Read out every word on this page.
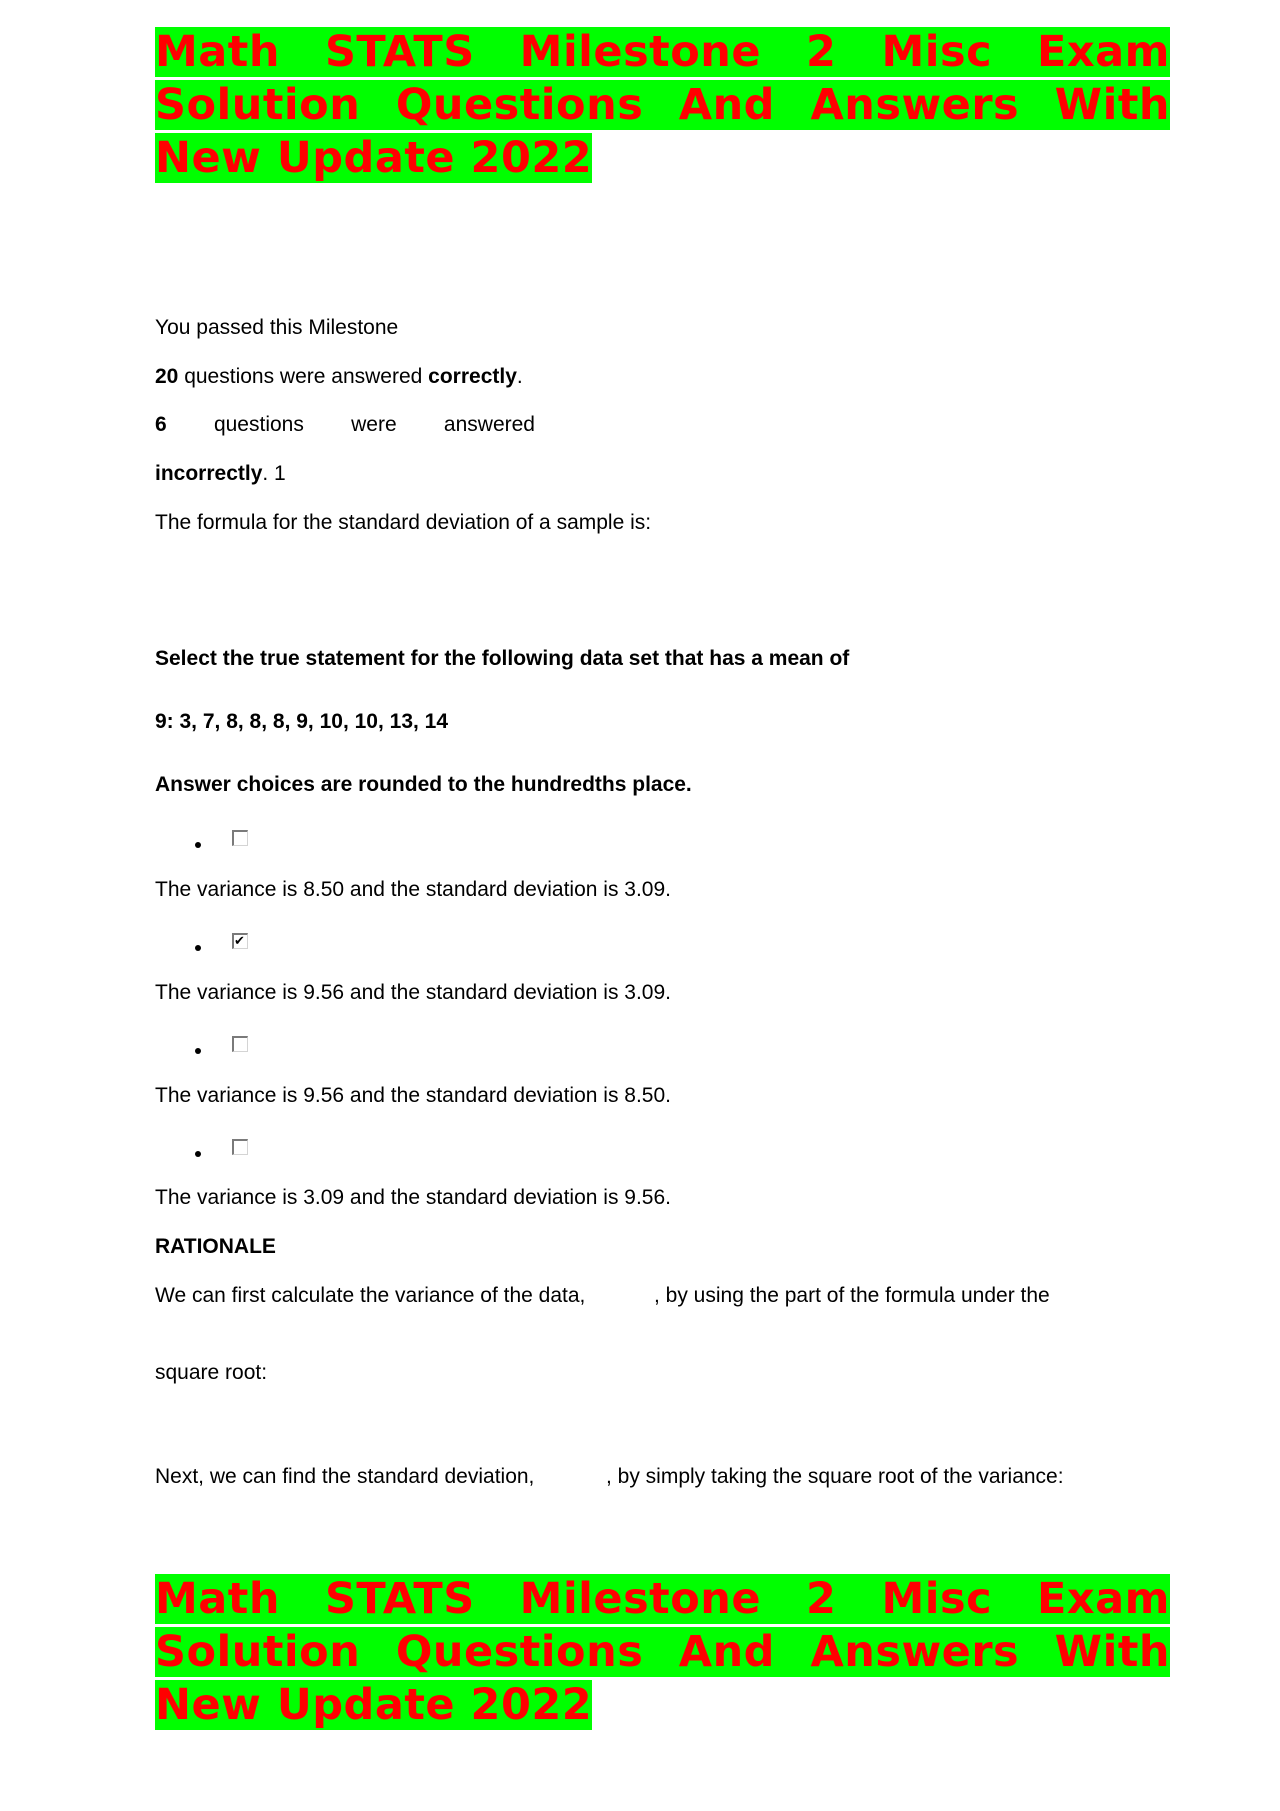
Math STATS Milestone 2 Misc Exam Solution Questions And Answers With New Update 2022
You passed this Milestone
20 questions were answered correctly.
6 questions were answered
incorrectly. 1
The formula for the standard deviation of a sample is:
Select the true statement for the following data set that has a mean of
9: 3, 7, 8, 8, 8, 9, 10, 10, 13, 14
Answer choices are rounded to the hundredths place.
The variance is 8.50 and the standard deviation is 3.09.
✔
The variance is 9.56 and the standard deviation is 3.09.
The variance is 9.56 and the standard deviation is 8.50.
The variance is 3.09 and the standard deviation is 9.56.
RATIONALE
We can first calculate the variance of the data,	, by using the part of the formula under the
square root:
Next, we can find the standard deviation,	, by simply taking the square root of the variance:
Math STATS Milestone 2 Misc Exam Solution Questions And Answers With New Update 2022
